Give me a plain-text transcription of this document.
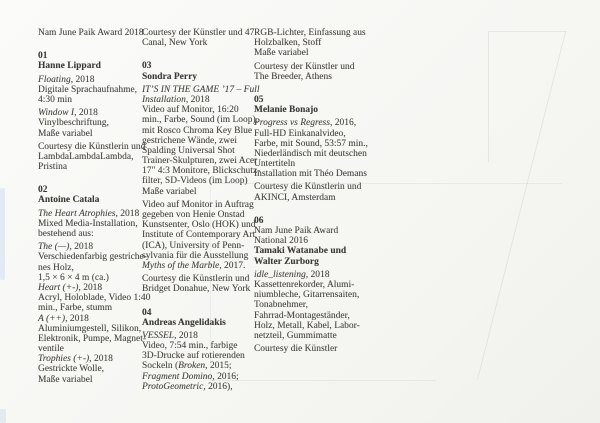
Nam June Paik Award 2018
01
Hanne Lippard
Floating, 2018
Digitale Sprachaufnahme,
4:30 min
Window I, 2018
Vinylbeschriftung,
Maße variabel
Courtesy die Künstlerin und
LambdaLambdaLambda,
Pristina
02
Antoine Catala
The Heart Atrophies, 2018
Mixed Media-Installation,
bestehend aus:
The (—), 2018
Verschiedenfarbig gestriche-
nes Holz,
1,5 × 6 × 4 m (ca.)
Heart (+-), 2018
Acryl, Holoblade, Video 1:40
min., Farbe, stumm
A (++), 2018
Aluminiumgestell, Silikon,
Elektronik, Pumpe, Magnet-
ventile
Trophies (+-), 2018
Gestrickte Wolle,
Maße variabel
Courtesy der Künstler und 47
Canal, New York
03
Sondra Perry
IT’S IN THE GAME ’17 – Full
Installation, 2018
Video auf Monitor, 16:20
min., Farbe, Sound (im Loop),
mit Rosco Chroma Key Blue
gestrichene Wände, zwei
Spalding Universal Shot
Trainer-Skulpturen, zwei Acer
17" 4:3 Monitore, Blickschutz-
filter, SD-Videos (im Loop)
Maße variabel
Video auf Monitor in Auftrag
gegeben von Henie Onstad
Kunstsenter, Oslo (HOK) und
Institute of Contemporary Art
(ICA), University of Penn-
sylvania für die Ausstellung
Myths of the Marble, 2017.
Courtesy die Künstlerin und
Bridget Donahue, New York
04
Andreas Angelidakis
VESSEL, 2018
Video, 7:54 min., farbige
3D-Drucke auf rotierenden
Sockeln (Broken, 2015;
Fragment Domino, 2016;
ProtoGeometric, 2016),
RGB-Lichter, Einfassung aus
Holzbalken, Stoff
Maße variabel
Courtesy der Künstler und
The Breeder, Athens
05
Melanie Bonajo
Progress vs Regress, 2016,
Full-HD Einkanalvideo,
Farbe, mit Sound, 53:57 min.,
Niederländisch mit deutschen
Untertiteln
Installation mit Théo Demans
Courtesy die Künstlerin und
AKINCI, Amsterdam
06
Nam June Paik Award
National 2016
Tamaki Watanabe und
Walter Zurborg
idle_listening, 2018
Kassettenrekorder, Alumi-
niumbleche, Gitarrensaiten,
Tonabnehmer,
Fahrrad-Montageständer,
Holz, Metall, Kabel, Labor-
netzteil, Gummimatte
Courtesy die Künstler
